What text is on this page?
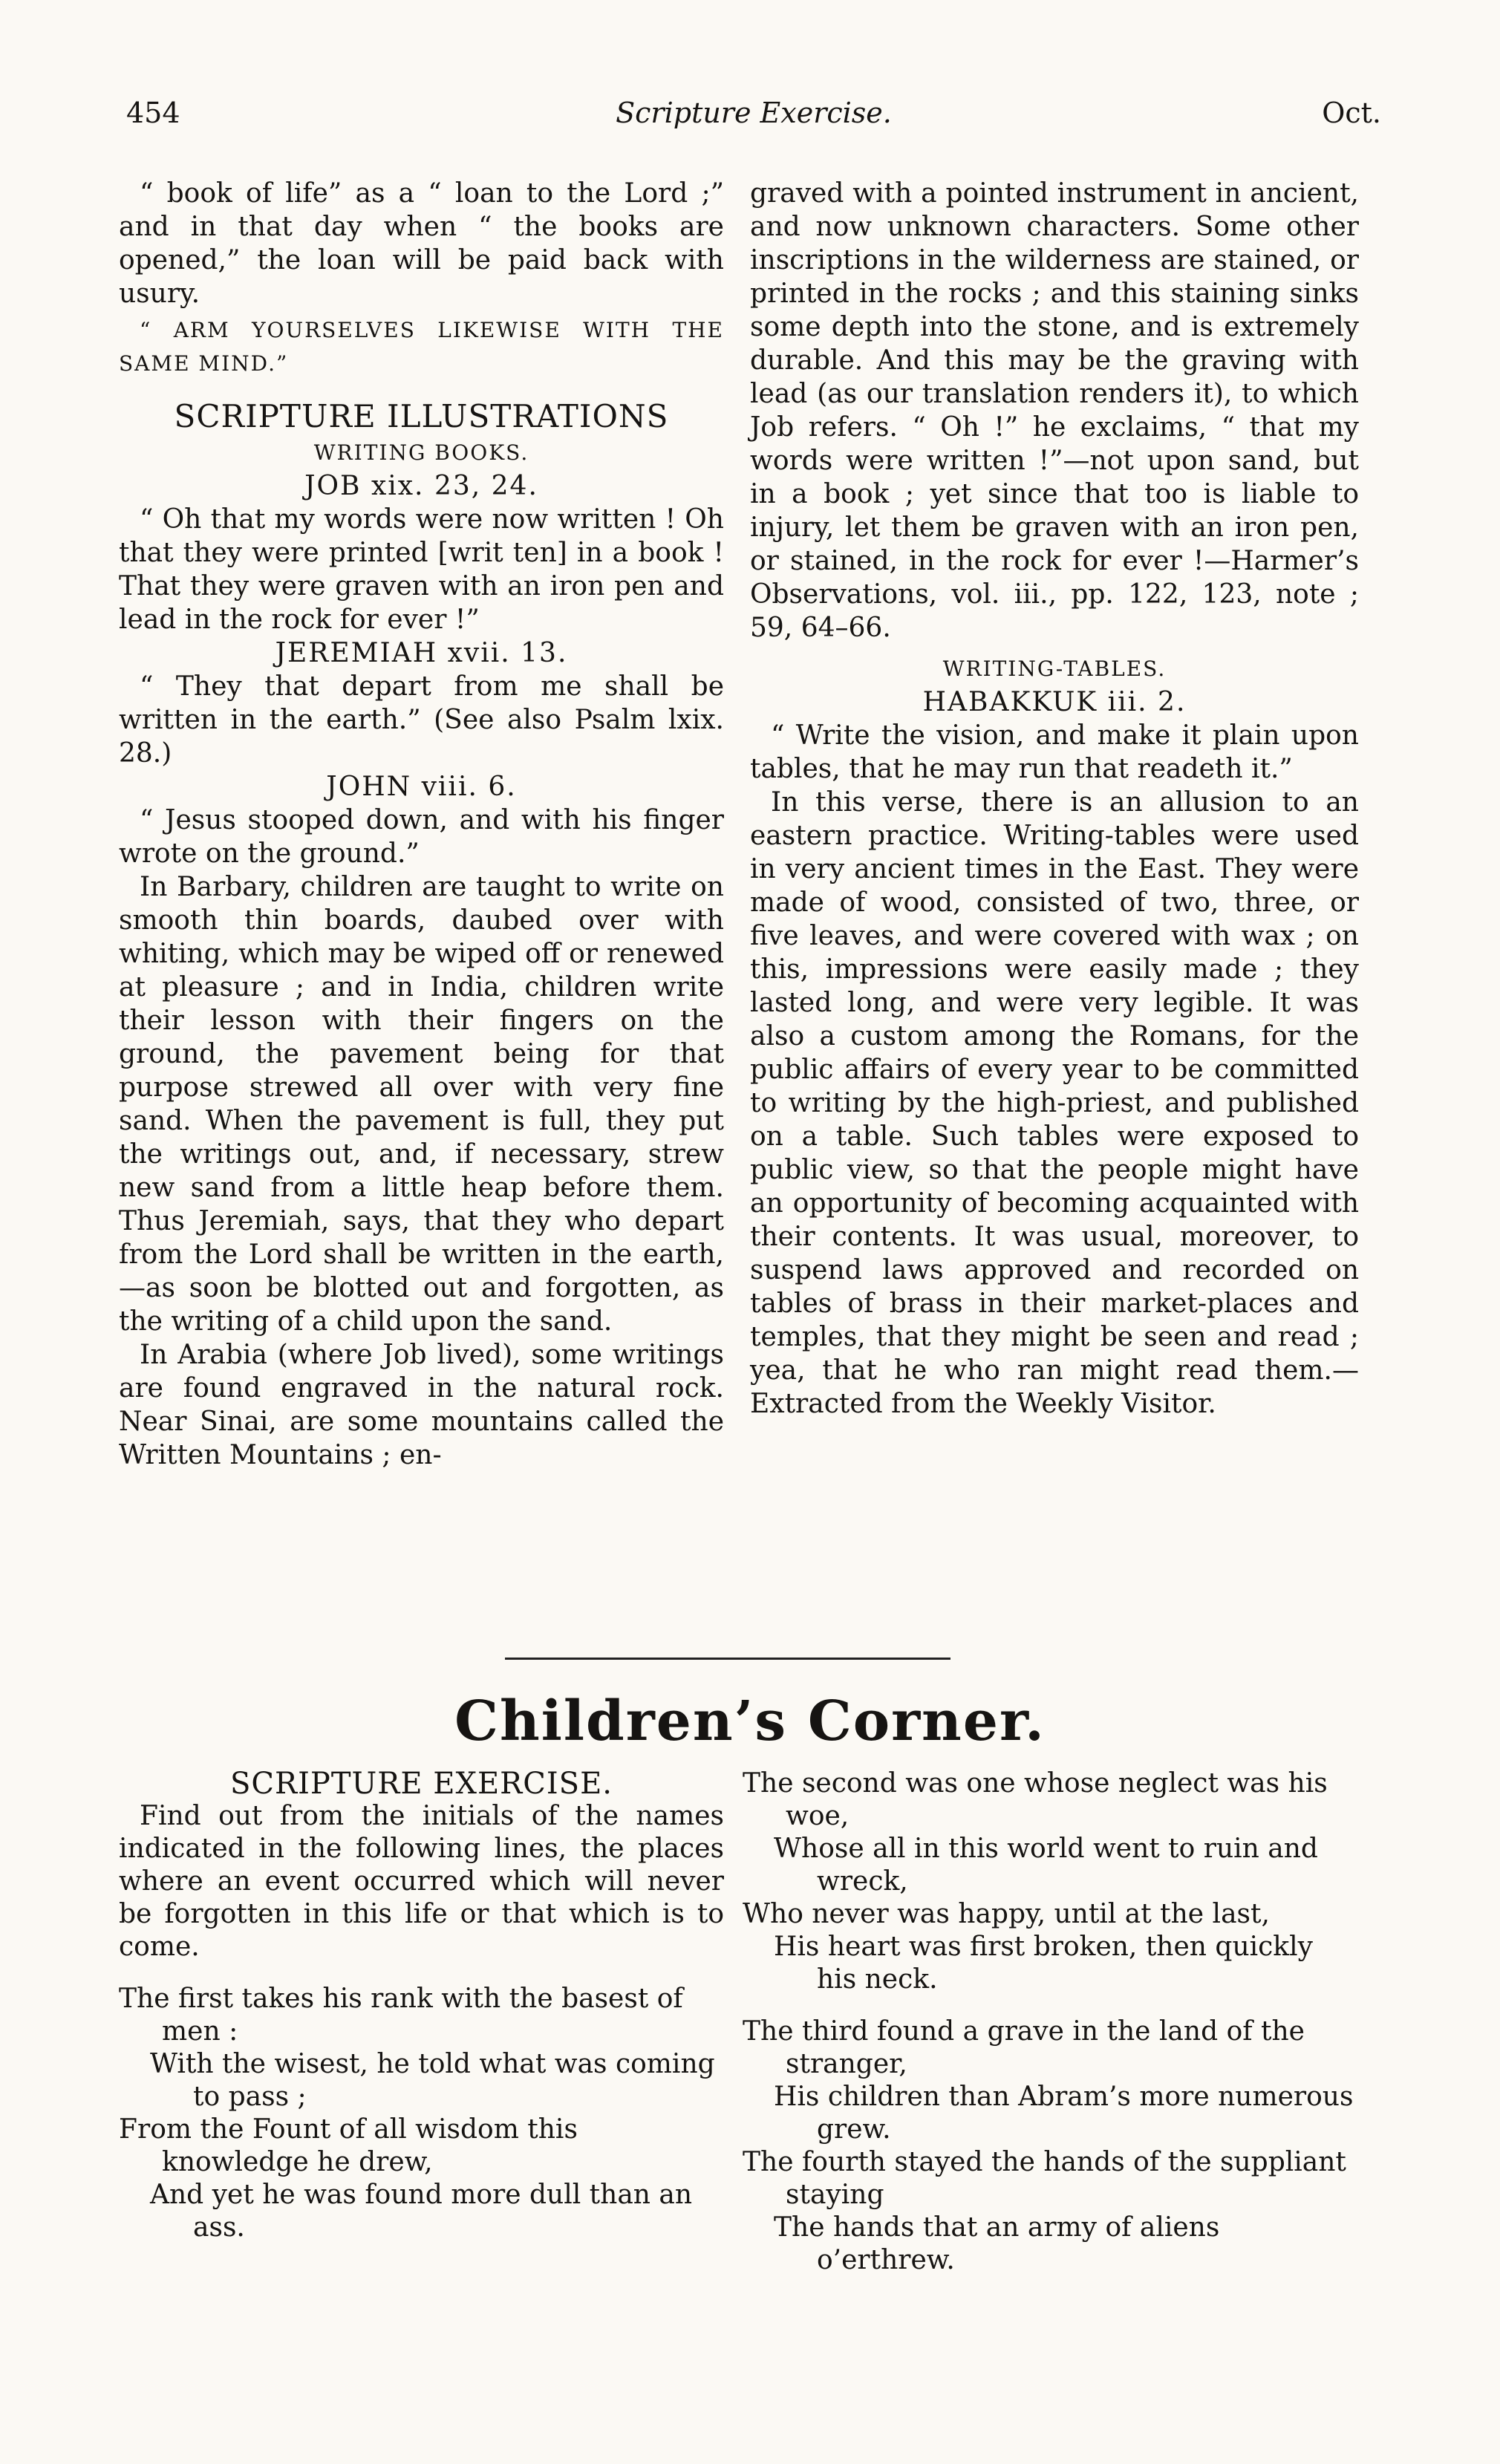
454	Scripture Exercise.	Oct.

“ book of life” as a “ loan to the Lord ;” and in that day when “ the books are opened,” the loan will be paid back with usury.

“ ARM YOURSELVES LIKEWISE WITH THE SAME MIND.”

SCRIPTURE ILLUSTRATIONS

WRITING BOOKS.

JOB xix. 23, 24.

“ Oh that my words were now written ! Oh that they were printed [writ ten] in a book ! That they were graven with an iron pen and lead in the rock for ever !”

JEREMIAH xvii. 13.

“ They that depart from me shall be written in the earth.” (See also Psalm lxix. 28.)

JOHN viii. 6.

“ Jesus stooped down, and with his finger wrote on the ground.”

In Barbary, children are taught to write on smooth thin boards, daubed over with whiting, which may be wiped off or renewed at pleasure ; and in India, children write their lesson with their fingers on the ground, the pavement being for that purpose strewed all over with very fine sand. When the pavement is full, they put the writings out, and, if necessary, strew new sand from a little heap before them. Thus Jeremiah, says, that they who depart from the Lord shall be written in the earth,—as soon be blotted out and forgotten, as the writing of a child upon the sand.

In Arabia (where Job lived), some writings are found engraved in the natural rock. Near Sinai, are some mountains called the Written Mountains ; en-

graved with a pointed instrument in ancient, and now unknown characters. Some other inscriptions in the wilderness are stained, or printed in the rocks ; and this staining sinks some depth into the stone, and is extremely durable. And this may be the graving with lead (as our translation renders it), to which Job refers. “ Oh !” he exclaims, “ that my words were written !”—not upon sand, but in a book ; yet since that too is liable to injury, let them be graven with an iron pen, or stained, in the rock for ever !—Harmer’s Observations, vol. iii., pp. 122, 123, note ; 59, 64–66.

WRITING-TABLES.

HABAKKUK iii. 2.

“ Write the vision, and make it plain upon tables, that he may run that readeth it.”

In this verse, there is an allusion to an eastern practice. Writing-tables were used in very ancient times in the East. They were made of wood, consisted of two, three, or five leaves, and were covered with wax ; on this, impressions were easily made ; they lasted long, and were very legible. It was also a custom among the Romans, for the public affairs of every year to be committed to writing by the high-priest, and published on a table. Such tables were exposed to public view, so that the people might have an opportunity of becoming acquainted with their contents. It was usual, moreover, to suspend laws approved and recorded on tables of brass in their market-places and temples, that they might be seen and read ; yea, that he who ran might read them.—Extracted from the Weekly Visitor.

Children’s Corner.

SCRIPTURE EXERCISE.

Find out from the initials of the names indicated in the following lines, the places where an event occurred which will never be forgotten in this life or that which is to come.

The first takes his rank with the basest of men :

With the wisest, he told what was coming to pass ;

From the Fount of all wisdom this knowledge he drew,

And yet he was found more dull than an ass.

The second was one whose neglect was his woe,

Whose all in this world went to ruin and wreck,

Who never was happy, until at the last,

His heart was first broken, then quickly his neck.

The third found a grave in the land of the stranger,

His children than Abram’s more numerous grew.

The fourth stayed the hands of the suppliant staying

The hands that an army of aliens o’erthrew.
